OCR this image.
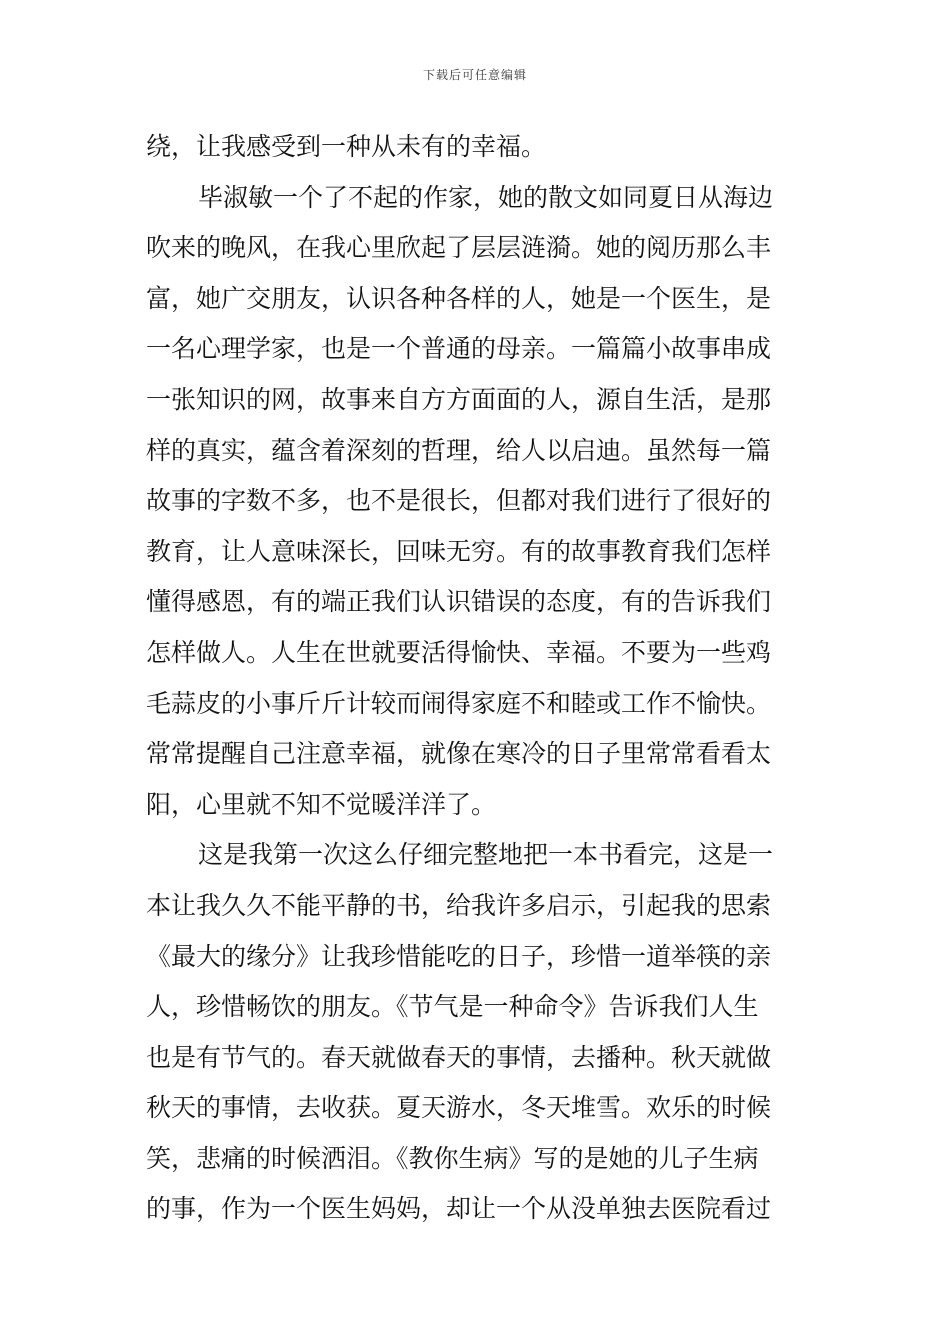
下载后可任意编辑
绕，让我感受到一种从未有的幸福。
毕淑敏一个了不起的作家，她的散文如同夏日从海边
吹来的晚风，在我心里欣起了层层涟漪。她的阅历那么丰
富，她广交朋友，认识各种各样的人，她是一个医生，是
一名心理学家，也是一个普通的母亲。一篇篇小故事串成
一张知识的网，故事来自方方面面的人，源自生活，是那
样的真实，蕴含着深刻的哲理，给人以启迪。虽然每一篇
故事的字数不多，也不是很长，但都对我们进行了很好的
教育，让人意味深长，回味无穷。有的故事教育我们怎样
懂得感恩，有的端正我们认识错误的态度，有的告诉我们
怎样做人。人生在世就要活得愉快、幸福。不要为一些鸡
毛蒜皮的小事斤斤计较而闹得家庭不和睦或工作不愉快。
常常提醒自己注意幸福，就像在寒冷的日子里常常看看太
阳，心里就不知不觉暖洋洋了。
这是我第一次这么仔细完整地把一本书看完，这是一
本让我久久不能平静的书，给我许多启示，引起我的思索
《最大的缘分》让我珍惜能吃的日子，珍惜一道举筷的亲
人，珍惜畅饮的朋友。《节气是一种命令》告诉我们人生
也是有节气的。春天就做春天的事情，去播种。秋天就做
秋天的事情，去收获。夏天游水，冬天堆雪。欢乐的时候
笑，悲痛的时候洒泪。《教你生病》写的是她的儿子生病
的事，作为一个医生妈妈，却让一个从没单独去医院看过
